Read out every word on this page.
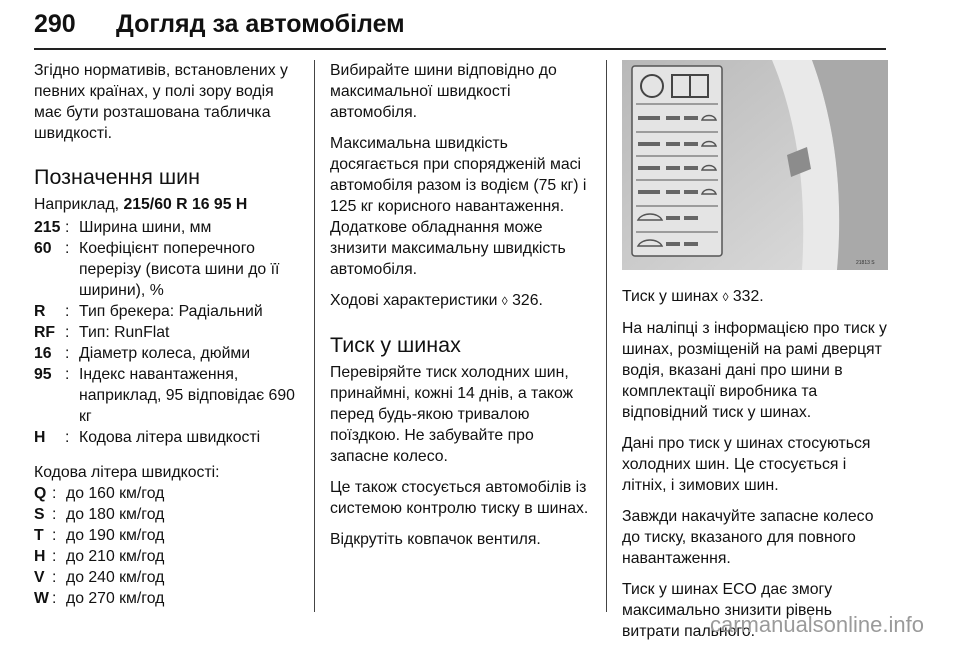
290 Догляд за автомобілем

Згідно нормативів, встановлених у певних країнах, у полі зору водія має бути розташована табличка швидкості.

Позначення шин
Наприклад, 215/60 R 16 95 H
215 : Ширина шини, мм
60 : Коефіцієнт поперечного перерізу (висота шини до її ширини), %
R	: Тип брекера: Радіальний
RF : Тип: RunFlat
16 : Діаметр колеса, дюйми
95 : Індекс навантаження, наприклад, 95 відповідає 690 кг
H	: Кодова літера швидкості

Кодова літера швидкості:

Q : до 160 км/год
S : до 180 км/год
T : до 190 км/год
H : до 210 км/год
V : до 240 км/год
W : до 270 км/год

Вибирайте шини відповідно до максимальної швидкості автомобіля.

Максимальна швидкість досягається при спорядженій масі автомобіля разом із водієм (75 кг) і 125 кг корисного навантаження. Додаткове обладнання може знизити максимальну швидкість автомобіля.

Ходові характеристики ◊ 326.

Тиск у шинах

Перевіряйте тиск холодних шин, принаймні, кожні 14 днів, а також перед будь-якою тривалою поїздкою. Не забувайте про запасне колесо.

Це також стосується автомобілів із системою контролю тиску в шинах.

Відкрутіть ковпачок вентиля.

21813 S

Тиск у шинах ◊ 332.

На наліпці з інформацією про тиск у шинах, розміщеній на рамі дверцят водія, вказані дані про шини в комплектації виробника та відповідний тиск у шинах.

Дані про тиск у шинах стосуються холодних шин. Це стосується і літніх, і зимових шин.

Завжди накачуйте запасне колесо до тиску, вказаного для повного навантаження.

Тиск у шинах ECO дає змогу максимально знизити рівень витрати пального.

carmanualsonline.info
